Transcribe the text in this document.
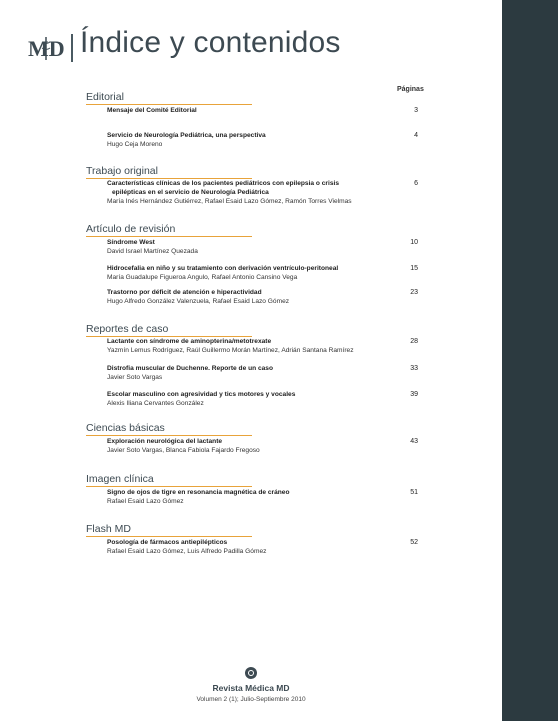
MD Índice y contenidos
Páginas
Editorial
Mensaje del Comité Editorial	3
Servicio de Neurología Pediátrica, una perspectiva
Hugo Ceja Moreno
4
Trabajo original
Características clínicas de los pacientes pediátricos con epilepsia o crisis
epilépticas en el servicio de Neurología Pediátrica
María Inés Hernández Gutiérrez, Rafael Esaid Lazo Gómez, Ramón Torres Vielmas
6
Artículo de revisión
Síndrome West
David Israel Martínez Quezada
10
Hidrocefalia en niño y su tratamiento con derivación ventrículo-peritoneal
María Guadalupe Figueroa Angulo, Rafael Antonio Cansino Vega
15
Trastorno por déficit de atención e hiperactividad
Hugo Alfredo González Valenzuela, Rafael Esaid Lazo Gómez
23
Reportes de caso
Lactante con síndrome de aminopterina/metotrexate
Yazmín Lemus Rodríguez, Raúl Guillermo Morán Martínez, Adrián Santana Ramírez
28
Distrofia muscular de Duchenne. Reporte de un caso
Javier Soto Vargas
33
Escolar masculino con agresividad y tics motores y vocales
Alexis Iliana Cervantes González
39
Ciencias básicas
Exploración neurológica del lactante
Javier Soto Vargas, Blanca Fabiola Fajardo Fregoso
43
Imagen clínica
Signo de ojos de tigre en resonancia magnética de cráneo
Rafael Esaid Lazo Gómez
51
Flash MD
Posología de fármacos antiepilépticos
Rafael Esaid Lazo Gómez, Luis Alfredo Padilla Gómez
52
Revista Médica MD
Volumen 2 (1); Julio-Septiembre 2010
